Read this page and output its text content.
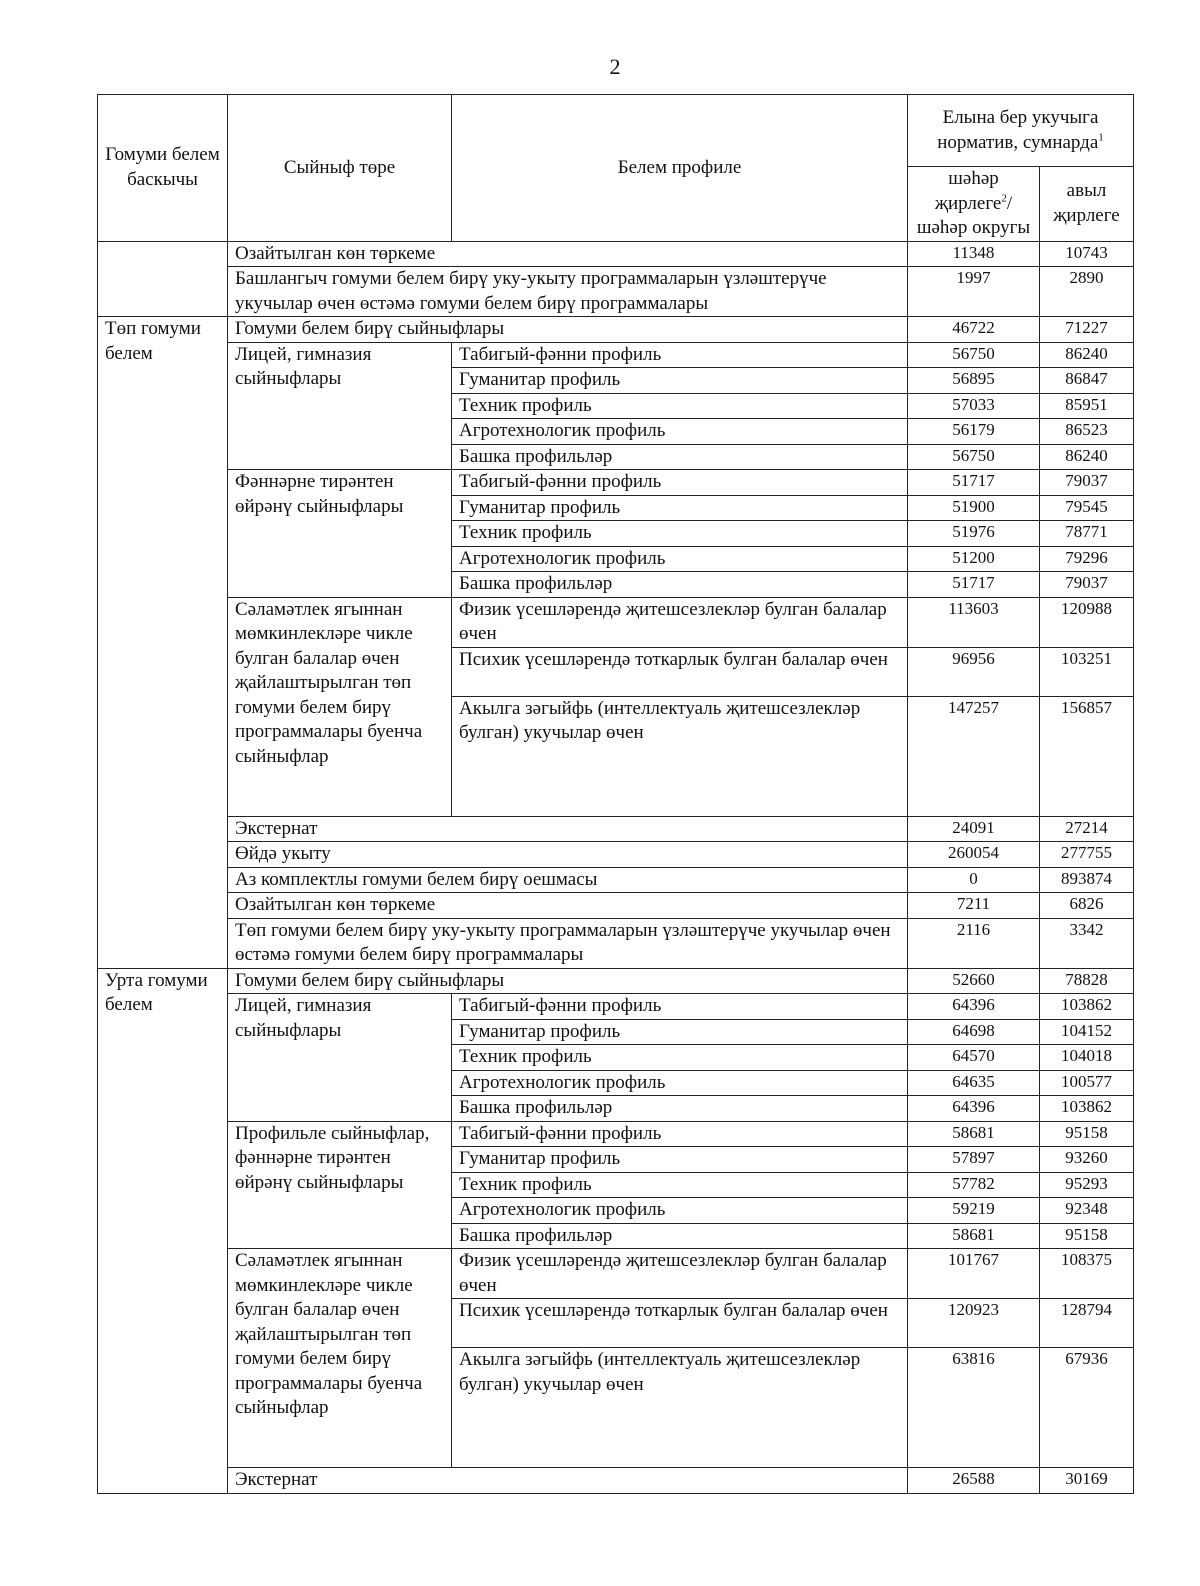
2
Гомуми белем баскычы	Сыйныф төре	Белем профиле	Елына бер укучыга норматив, сумнарда$^1$
			шәһәр җирлеге$^2$/ шәһәр округы	авыл җирлеге
	Озайтылган көн төркеме		11348	10743
	Башлангыч гомуми белем бирү уку-укыту программаларын үзләштерүче укучылар өчен өстәмә гомуми белем бирү программалары		1997	2890
Төп гомуми белем	Гомуми белем бирү сыйныфлары		46722	71227
	Лицей, гимназия сыйныфлары	Табигый-фәнни профиль	56750	86240
		Гуманитар профиль	56895	86847
		Техник профиль	57033	85951
		Агротехнологик профиль	56179	86523
		Башка профильләр	56750	86240
	Фәннәрне тирәнтен өйрәнү сыйныфлары	Табигый-фәнни профиль	51717	79037
		Гуманитар профиль	51900	79545
		Техник профиль	51976	78771
		Агротехнологик профиль	51200	79296
		Башка профильләр	51717	79037
	Сәламәтлек ягыннан мөмкинлекләре чикле булган балалар өчен җайлаштырылган төп гомуми белем бирү программалары буенча сыйныфлар	Физик үсешләрендә җитешсезлекләр булган балалар өчен	113603	120988
		Психик үсешләрендә тоткарлык булган балалар өчен	96956	103251
		Акылга зәгыйфь (интеллектуаль җитешсезлекләр булган) укучылар өчен	147257	156857
	Экстернат		24091	27214
	Өйдә укыту		260054	277755
	Аз комплектлы гомуми белем бирү оешмасы		0	893874
	Озайтылган көн төркеме		7211	6826
	Төп гомуми белем бирү уку-укыту программаларын үзләштерүче укучылар өчен өстәмә гомуми белем бирү программалары		2116	3342
Урта гомуми белем	Гомуми белем бирү сыйныфлары		52660	78828
	Лицей, гимназия сыйныфлары	Табигый-фәнни профиль	64396	103862
		Гуманитар профиль	64698	104152
		Техник профиль	64570	104018
		Агротехнологик профиль	64635	100577
		Башка профильләр	64396	103862
	Профильле сыйныфлар, фәннәрне тирәнтен өйрәнү сыйныфлары	Табигый-фәнни профиль	58681	95158
		Гуманитар профиль	57897	93260
		Техник профиль	57782	95293
		Агротехнологик профиль	59219	92348
		Башка профильләр	58681	95158
	Сәламәтлек ягыннан мөмкинлекләре чикле булган балалар өчен җайлаштырылган төп гомуми белем бирү программалары буенча сыйныфлар	Физик үсешләрендә җитешсезлекләр булган балалар өчен	101767	108375
		Психик үсешләрендә тоткарлык булган балалар өчен	120923	128794
		Акылга зәгыйфь (интеллектуаль җитешсезлекләр булган) укучылар өчен	63816	67936
	Экстернат		26588	30169
